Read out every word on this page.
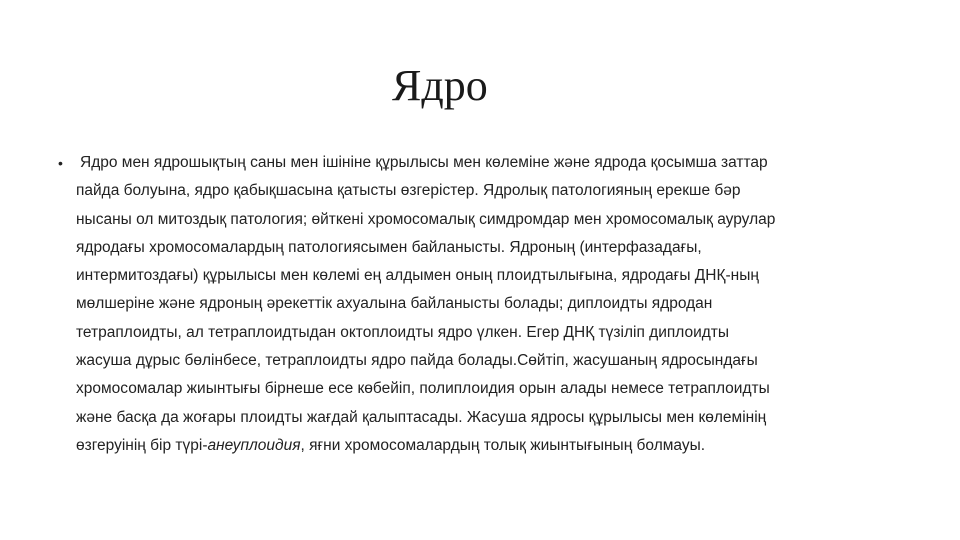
Ядро
• Ядро мен ядрошықтың саны мен ішініне құрылысы мен көлеміне және ядрода қосымша заттар
пайда болуына, ядро қабықшасына қатысты өзгерістер. Ядролық патологияның ерекше бәр
нысаны ол митоздық патология; өйткені хромосомалық симдромдар мен хромосомалық аурулар
ядродағы хромосомалардың патологиясымен байланысты. Ядроның (интерфазадағы,
интермитоздағы) құрылысы мен көлемі ең алдымен оның плоидтылығына, ядродағы ДНҚ-ның
мөлшеріне және ядроның әрекеттік ахуалына байланысты болады; диплоидты ядродан
тетраплоидты, ал тетраплоидтыдан октоплоидты ядро үлкен. Егер ДНҚ түзіліп диплоидты
жасуша дұрыс бөлінбесе, тетраплоидты ядро пайда болады.Сөйтіп, жасушаның ядросындағы
хромосомалар жиынтығы бірнеше есе көбейіп, полиплоидия орын алады немесе тетраплоидты
және басқа да жоғары плоидты жағдай қалыптасады. Жасуша ядросы құрылысы мен көлемінің
өзгеруінің бір түрі-анеуплоидия, яғни хромосомалардың толық жиынтығының болмауы.
